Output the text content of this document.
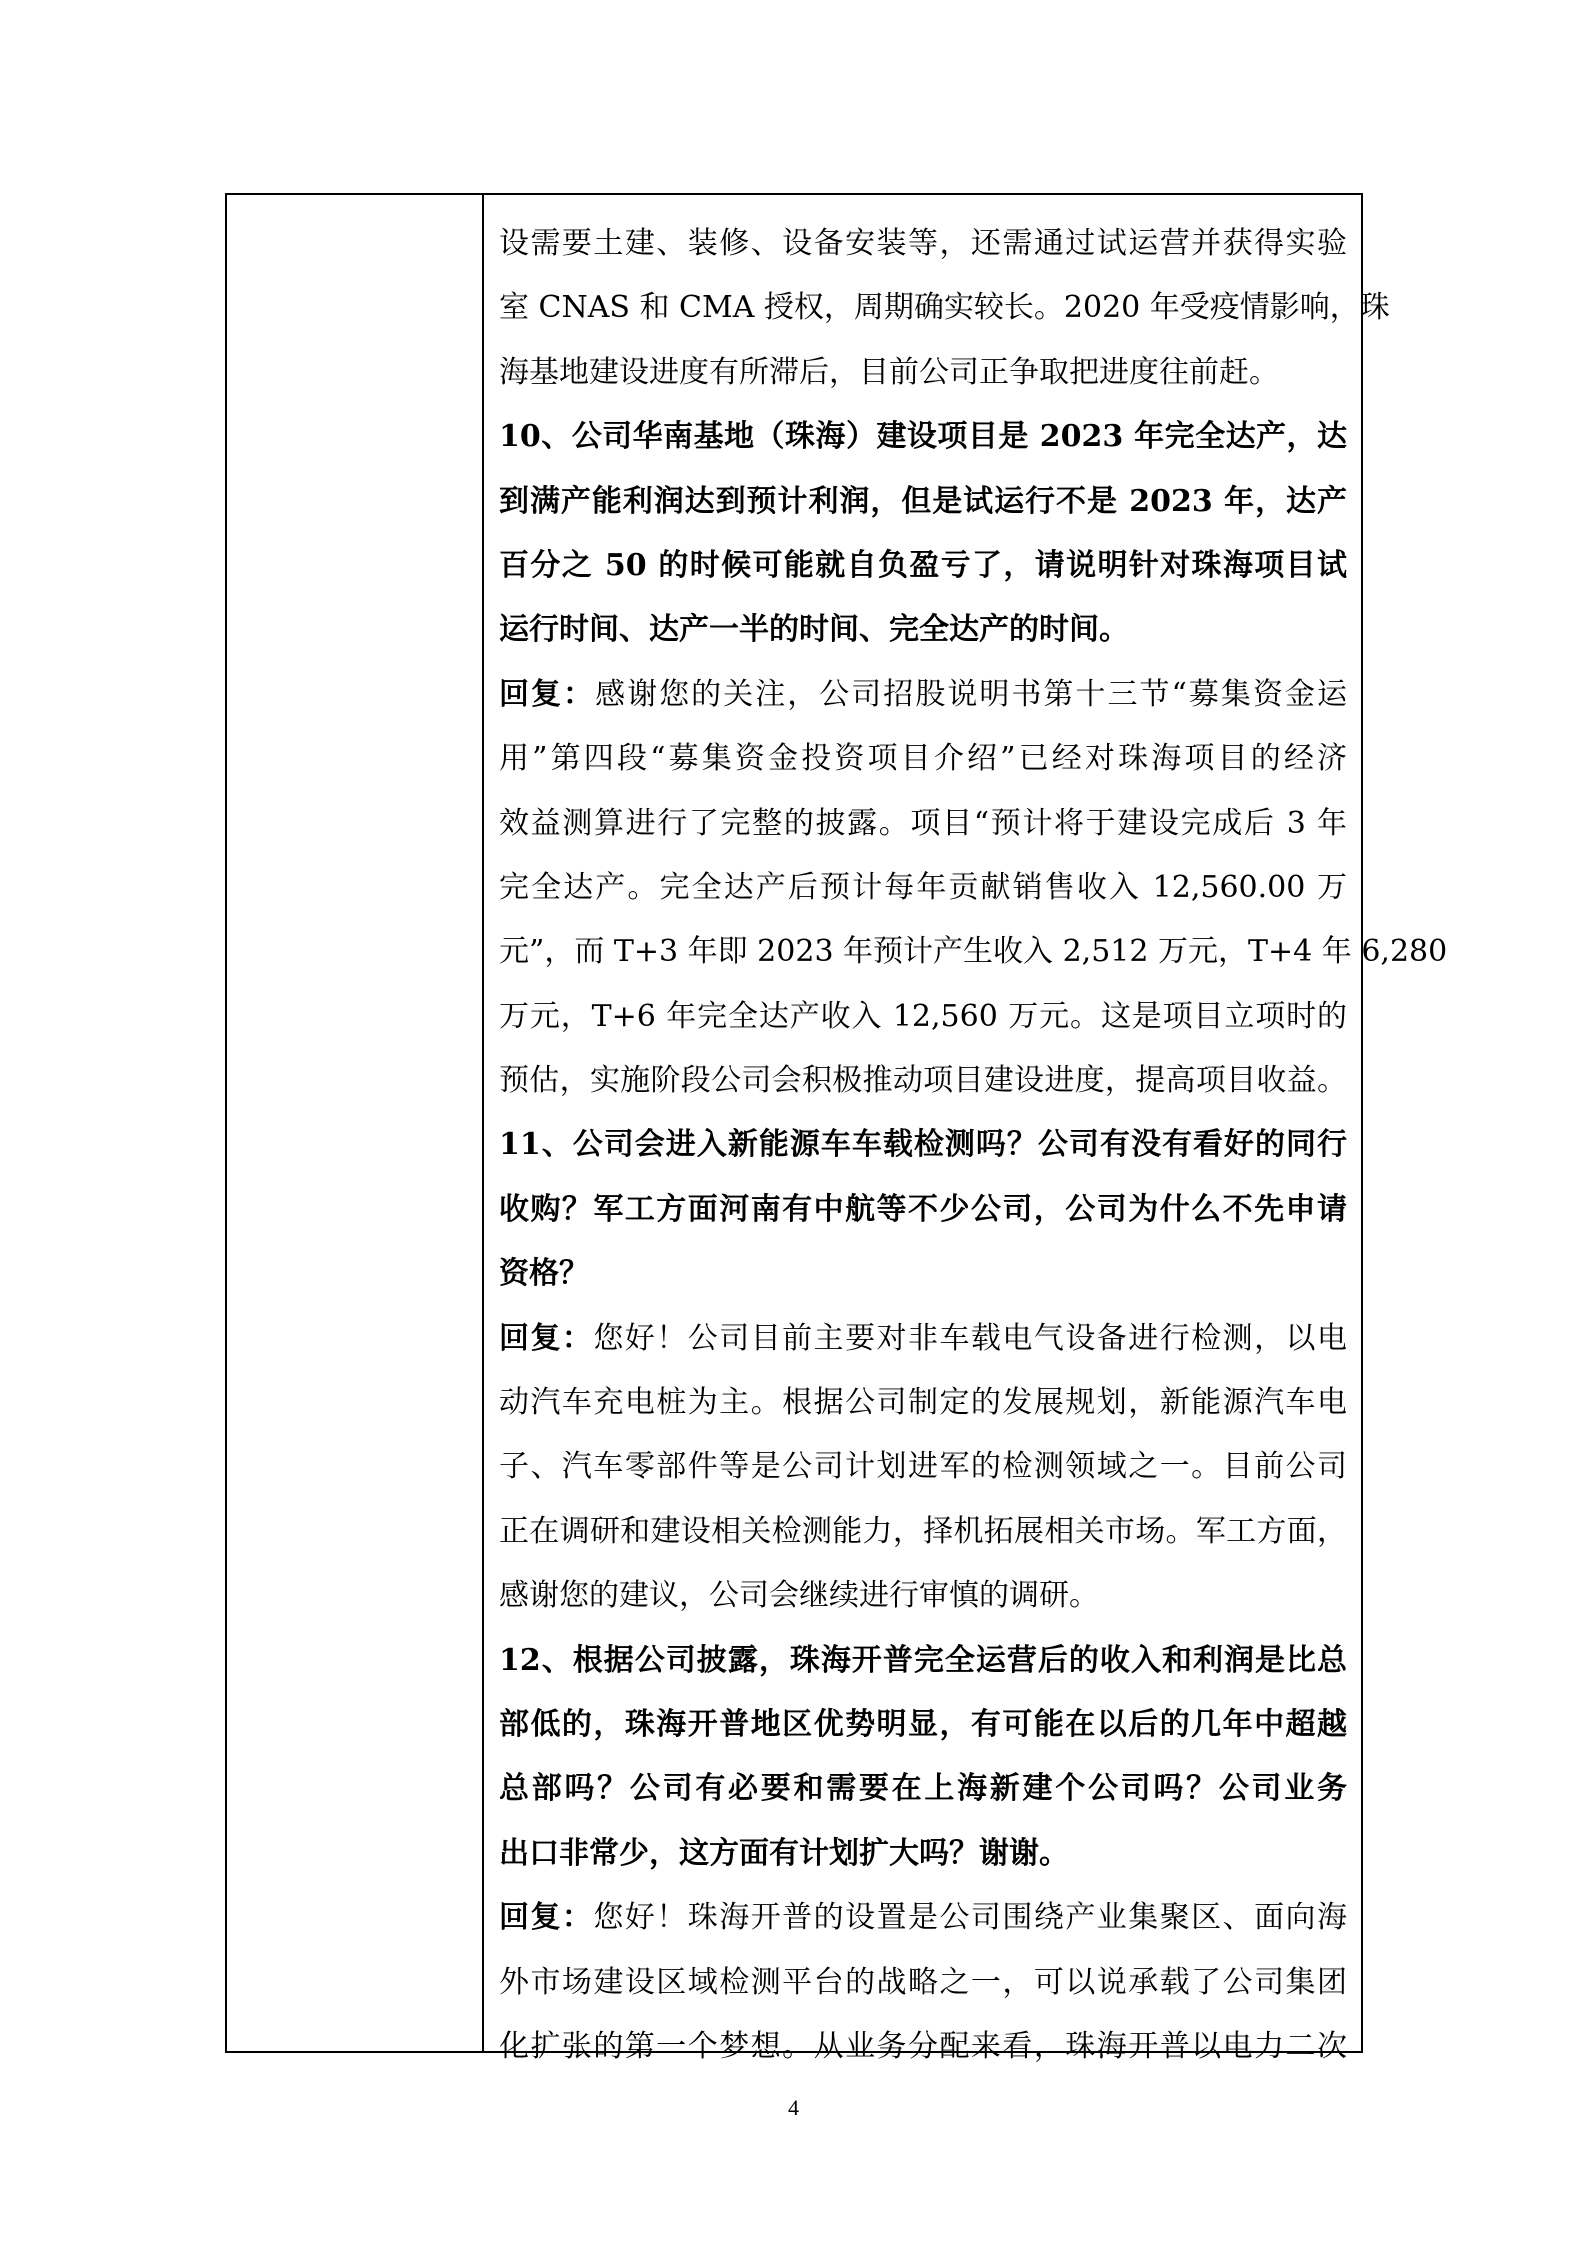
设需要土建、装修、设备安装等，还需通过试运营并获得实验
室 CNAS 和 CMA 授权，周期确实较长。2020 年受疫情影响，珠
海基地建设进度有所滞后，目前公司正争取把进度往前赶。
10、公司华南基地（珠海）建设项目是 2023 年完全达产，达
到满产能利润达到预计利润，但是试运行不是 2023 年，达产
百分之 50 的时候可能就自负盈亏了，请说明针对珠海项目试
运行时间、达产一半的时间、完全达产的时间。
回复：感谢您的关注，公司招股说明书第十三节“募集资金运
用”第四段“募集资金投资项目介绍”已经对珠海项目的经济
效益测算进行了完整的披露。项目“预计将于建设完成后 3 年
完全达产。完全达产后预计每年贡献销售收入 12,560.00 万
元”，而 T+3 年即 2023 年预计产生收入 2,512 万元，T+4 年 6,280
万元，T+6 年完全达产收入 12,560 万元。这是项目立项时的
预估，实施阶段公司会积极推动项目建设进度，提高项目收益。
11、公司会进入新能源车车载检测吗？公司有没有看好的同行
收购？军工方面河南有中航等不少公司，公司为什么不先申请
资格？
回复：您好！公司目前主要对非车载电气设备进行检测，以电
动汽车充电桩为主。根据公司制定的发展规划，新能源汽车电
子、汽车零部件等是公司计划进军的检测领域之一。目前公司
正在调研和建设相关检测能力，择机拓展相关市场。军工方面，
感谢您的建议，公司会继续进行审慎的调研。
12、根据公司披露，珠海开普完全运营后的收入和利润是比总
部低的，珠海开普地区优势明显，有可能在以后的几年中超越
总部吗？公司有必要和需要在上海新建个公司吗？公司业务
出口非常少，这方面有计划扩大吗？谢谢。
回复：您好！珠海开普的设置是公司围绕产业集聚区、面向海
外市场建设区域检测平台的战略之一，可以说承载了公司集团
化扩张的第一个梦想。从业务分配来看，珠海开普以电力二次
4
